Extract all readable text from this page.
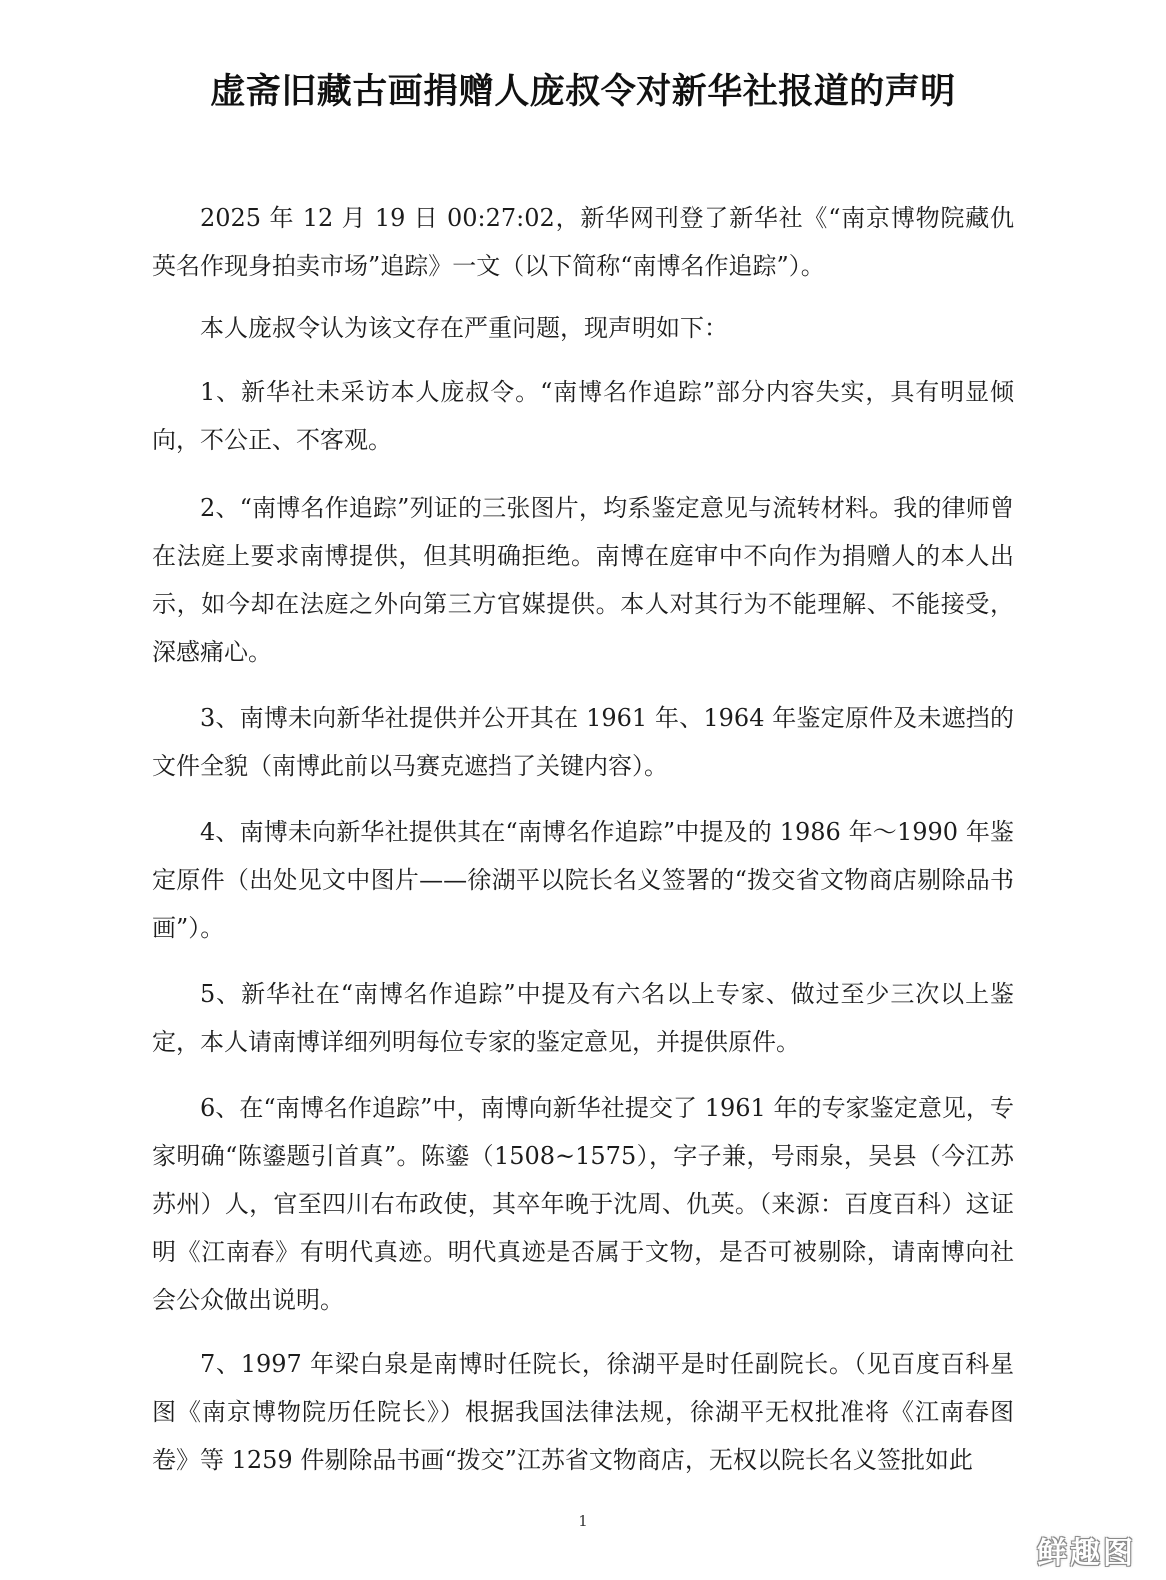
虚斋旧藏古画捐赠人庞叔令对新华社报道的声明

2025 年 12 月 19 日 00:27:02，新华网刊登了新华社《“南京博物院藏仇英名作现身拍卖市场”追踪》一文（以下简称“南博名作追踪”）。

本人庞叔令认为该文存在严重问题，现声明如下：

1、新华社未采访本人庞叔令。“南博名作追踪”部分内容失实，具有明显倾向，不公正、不客观。

2、“南博名作追踪”列证的三张图片，均系鉴定意见与流转材料。我的律师曾在法庭上要求南博提供，但其明确拒绝。南博在庭审中不向作为捐赠人的本人出示，如今却在法庭之外向第三方官媒提供。本人对其行为不能理解、不能接受，深感痛心。

3、南博未向新华社提供并公开其在 1961 年、1964 年鉴定原件及未遮挡的文件全貌（南博此前以马赛克遮挡了关键内容）。

4、南博未向新华社提供其在“南博名作追踪”中提及的 1986 年～1990 年鉴定原件（出处见文中图片——徐湖平以院长名义签署的“拨交省文物商店剔除品书画”）。

5、新华社在“南博名作追踪”中提及有六名以上专家、做过至少三次以上鉴定，本人请南博详细列明每位专家的鉴定意见，并提供原件。

6、在“南博名作追踪”中，南博向新华社提交了 1961 年的专家鉴定意见，专家明确“陈鎏题引首真”。陈鎏（1508~1575），字子兼，号雨泉，吴县（今江苏苏州）人，官至四川右布政使，其卒年晚于沈周、仇英。（来源：百度百科）这证明《江南春》有明代真迹。明代真迹是否属于文物，是否可被剔除，请南博向社会公众做出说明。

7、1997 年梁白泉是南博时任院长，徐湖平是时任副院长。（见百度百科星图《南京博物院历任院长》）根据我国法律法规，徐湖平无权批准将《江南春图卷》等 1259 件剔除品书画“拨交”江苏省文物商店，无权以院长名义签批如此

1
鲜趣图
